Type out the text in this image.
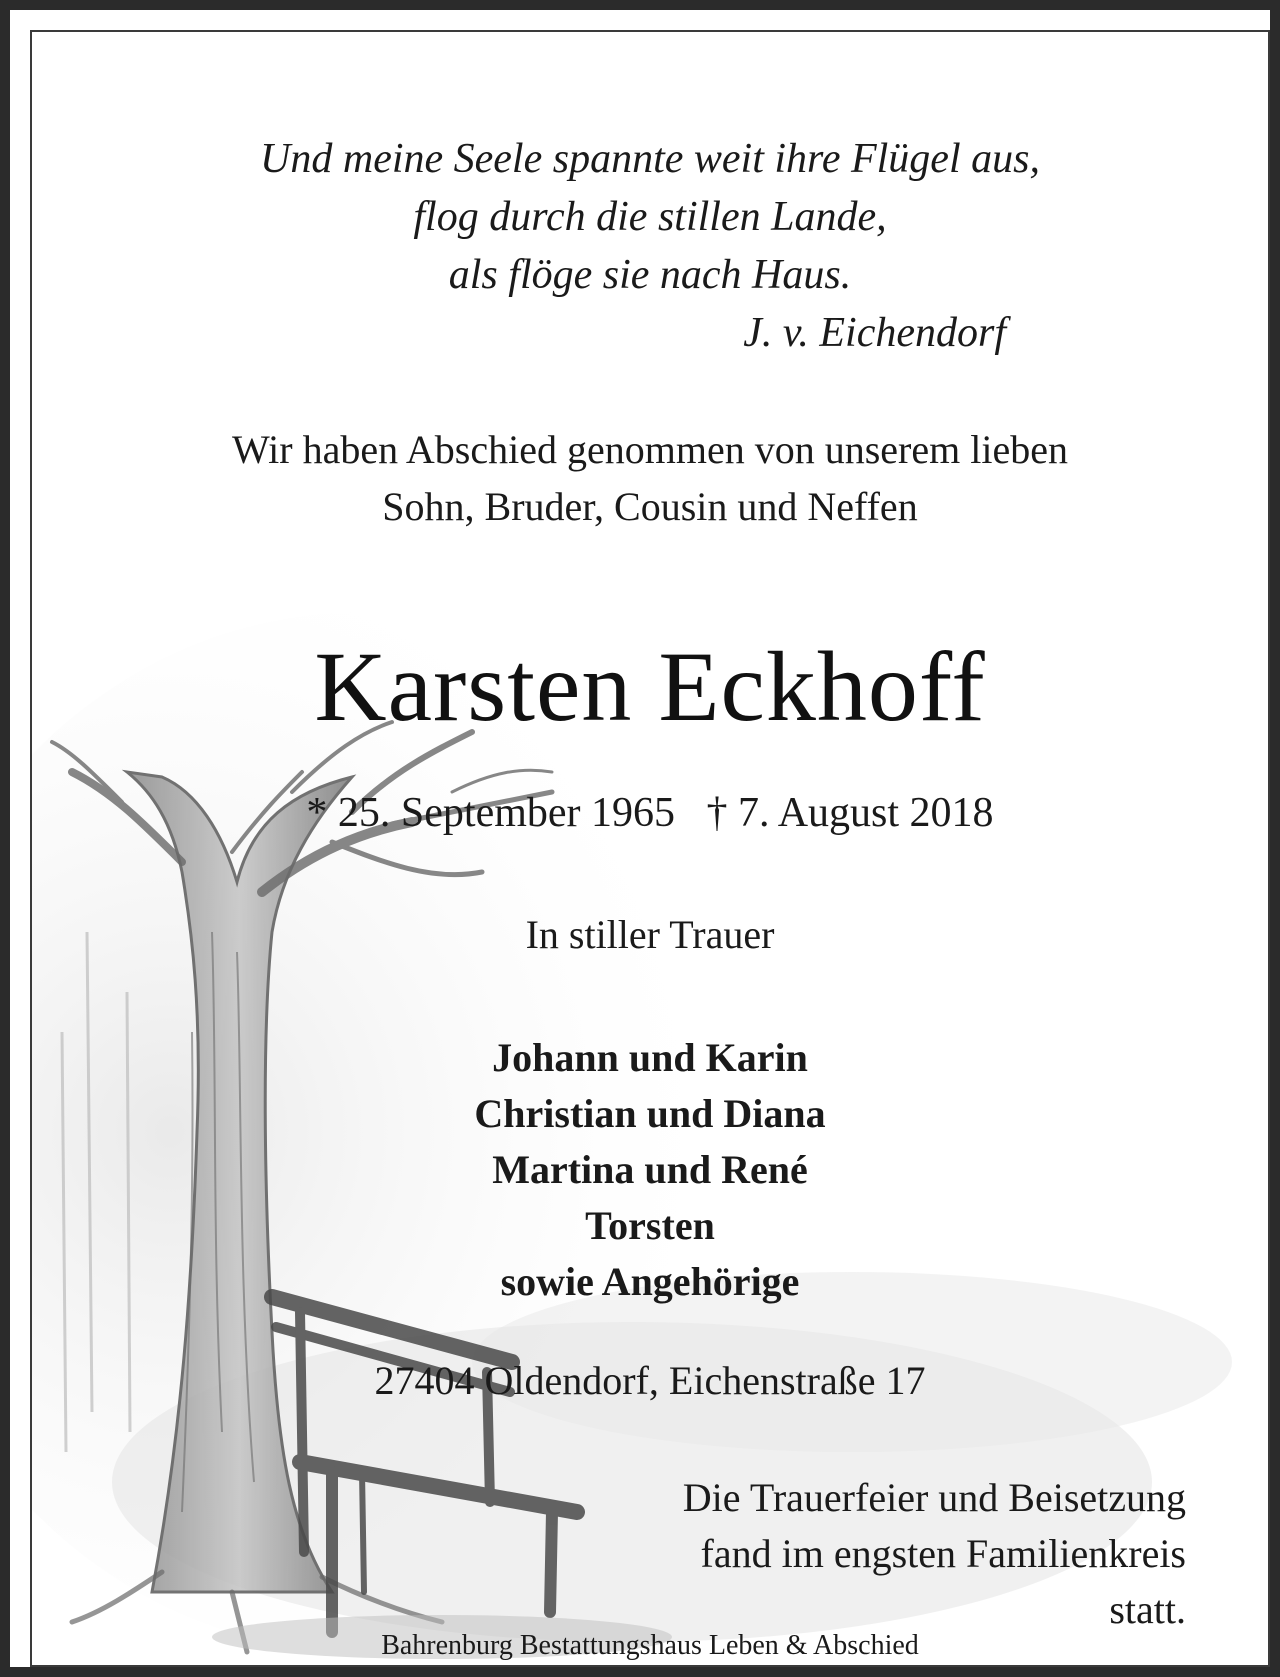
Und meine Seele spannte weit ihre Flügel aus,
flog durch die stillen Lande,
als flöge sie nach Haus.
J. v. Eichendorf
Wir haben Abschied genommen von unserem lieben
Sohn, Bruder, Cousin und Neffen
Karsten Eckhoff
* 25. September 1965   † 7. August 2018
In stiller Trauer
Johann und Karin
Christian und Diana
Martina und René
Torsten
sowie Angehörige
27404 Oldendorf, Eichenstraße 17
Die Trauerfeier und Beisetzung
fand im engsten Familienkreis
statt.
Bahrenburg Bestattungshaus Leben & Abschied
